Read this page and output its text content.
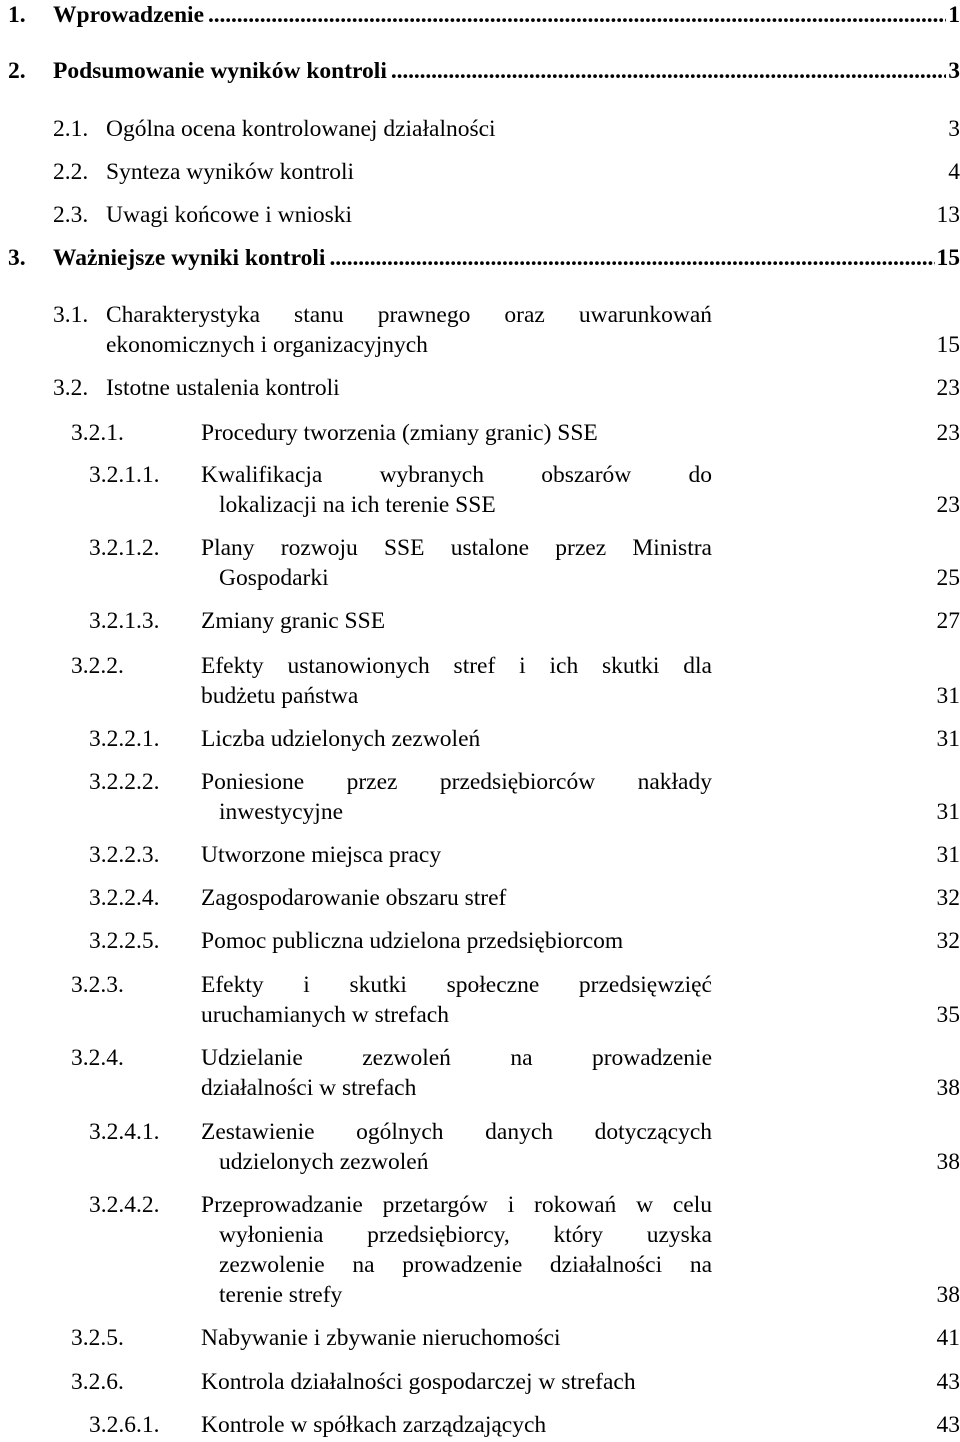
1.	Wprowadzenie . . .	1
2.	Podsumowanie wyników kontroli . . .	3
2.1. Ogólna ocena kontrolowanej działalności	3
2.2. Synteza wyników kontroli	4
2.3. Uwagi końcowe i wnioski	13
3.	Ważniejsze wyniki kontroli . . .	15
3.1. Charakterystyka stanu prawnego oraz uwarunkowań
ekonomicznych i organizacyjnych	15
3.2. Istotne ustalenia kontroli	23
3.2.1.	Procedury tworzenia (zmiany granic) SSE	23
3.2.1.1. Kwalifikacja wybranych obszarów do
lokalizacji na ich terenie SSE	23
3.2.1.2. Plany rozwoju SSE ustalone przez Ministra
Gospodarki	25
3.2.1.3. Zmiany granic SSE	27
3.2.2.	Efekty ustanowionych stref i ich skutki dla
budżetu państwa	31
3.2.2.1. Liczba udzielonych zezwoleń	31
3.2.2.2. Poniesione przez przedsiębiorców nakłady
inwestycyjne	31
3.2.2.3. Utworzone miejsca pracy	31
3.2.2.4. Zagospodarowanie obszaru stref	32
3.2.2.5. Pomoc publiczna udzielona przedsiębiorcom	32
3.2.3.	Efekty i skutki społeczne przedsięwzięć
uruchamianych w strefach	35
3.2.4.	Udzielanie zezwoleń na prowadzenie
działalności w strefach	38
3.2.4.1. Zestawienie ogólnych danych dotyczących
udzielonych zezwoleń	38
3.2.4.2. Przeprowadzanie przetargów i rokowań w celu
wyłonienia przedsiębiorcy, który uzyska
zezwolenie na prowadzenie działalności na
terenie strefy	38
3.2.5.	Nabywanie i zbywanie nieruchomości	41
3.2.6.	Kontrola działalności gospodarczej w strefach	43
3.2.6.1. Kontrole w spółkach zarządzających	43
